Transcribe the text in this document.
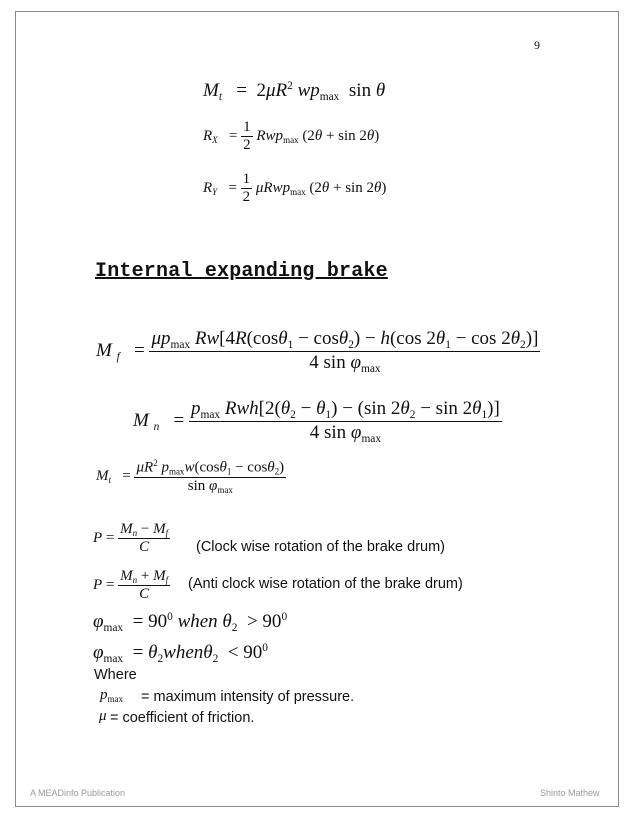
9
$M_t = 2\mu R^2$ $wp_{max}$  sin θ
$R_X = \frac{1}{2} Rwp_{max}$ (2θ + sin 2θ)
$R_Y = \frac{1}{2} \mu Rwp_{max}$ (2θ + sin 2θ)
Internal expanding brake
M $_f = \frac{\mu p_{max} Rw[4R(\cos\theta_1 - \cos\theta_2) - h(\cos 2\theta_1 - \cos 2\theta_2)]}{4 \sin \varphi_{max}}$
M $_n = \frac{p_{max} Rwh[2(\theta_2 - \theta_1) - (\sin 2\theta_2 - \sin 2\theta_1)]}{4 \sin \varphi_{max}}$
$M_t = \frac{\mu R^2 p_{max}w(\cos\theta_1 - \cos\theta_2)}{\sin \varphi_{max}}$
$P = \frac{M_n - M_f}{C}$ (Clock wise rotation of the brake drum)
$P = \frac{M_n + M_f}{C}$ (Anti clock wise rotation of the brake drum)
$\varphi_{max} = 90^0$ when $\theta_2 > 90^0$
$\varphi_{max}$  = $\theta_2when\theta_2 < 90^0$
Where
$p_{max}$ = maximum intensity of pressure.
μ = coefficient of friction.
A MEADinfo Publication	Shinto Mathew
